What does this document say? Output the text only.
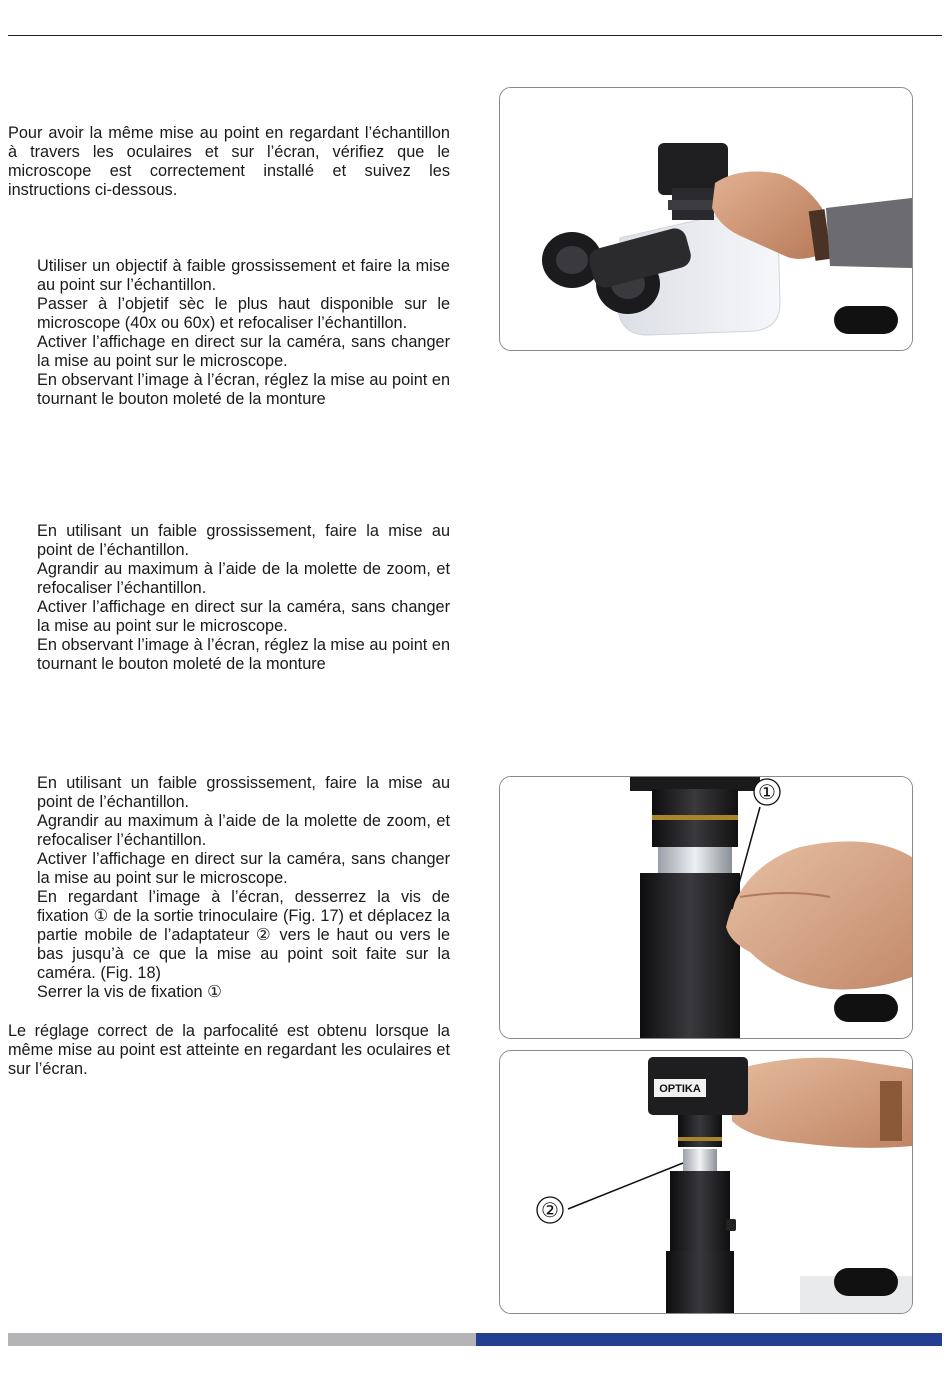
Pour avoir la même mise au point en regardant l’échantillon à travers les oculaires et sur l’écran, vérifiez que le microscope est correctement installé et suivez les instructions ci-dessous.

Utiliser un objectif à faible grossissement et faire la mise au point sur l’échantillon.

Passer à l’objetif sèc le plus haut disponible sur le microscope (40x ou 60x) et refocaliser l’échantillon.

Activer l’affichage en direct sur la caméra, sans changer la mise au point sur le microscope.

En observant l’image à l’écran, réglez la mise au point en tournant le bouton moleté de la monture

En utilisant un faible grossissement, faire la mise au point de l’échantillon.

Agrandir au maximum à l’aide de la molette de zoom, et refocaliser l’échantillon.

Activer l’affichage en direct sur la caméra, sans changer la mise au point sur le microscope.

En observant l’image à l’écran, réglez la mise au point en tournant le bouton moleté de la monture

En utilisant un faible grossissement, faire la mise au point de l’échantillon.

Agrandir au maximum à l’aide de la molette de zoom, et refocaliser l’échantillon.

Activer l’affichage en direct sur la caméra, sans changer la mise au point sur le microscope.

En regardant l’image à l’écran, desserrez la vis de fixation ① de la sortie trinoculaire (Fig. 17) et déplacez la partie mobile de l’adaptateur ② vers le haut ou vers le bas jusqu’à ce que la mise au point soit faite sur la caméra. (Fig. 18)

Serrer la vis de fixation ①

Le réglage correct de la parfocalité est obtenu lorsque la même mise au point est atteinte en regardant les oculaires et sur l’écran.

①
OPTIKA
②
